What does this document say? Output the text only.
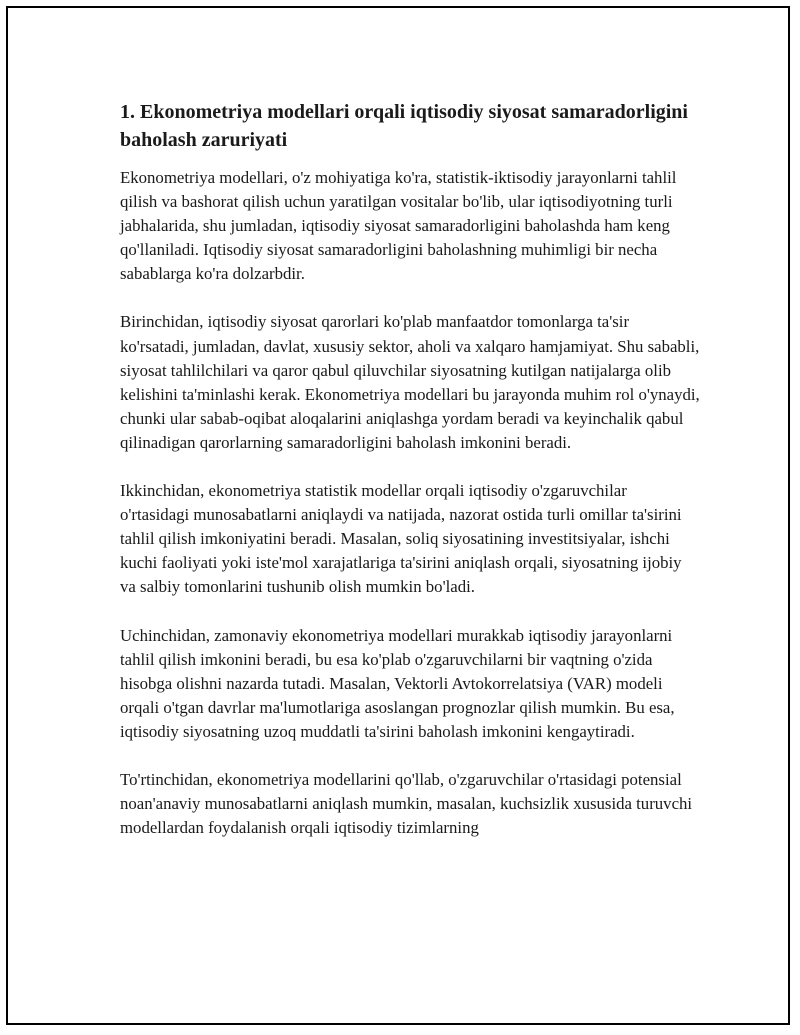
1. Ekonometriya modellari orqali iqtisodiy siyosat samaradorligini baholash zaruriyati

Ekonometriya modellari, o'z mohiyatiga ko'ra, statistik-iktisodiy jarayonlarni tahlil qilish va bashorat qilish uchun yaratilgan vositalar bo'lib, ular iqtisodiyotning turli jabhalarida, shu jumladan, iqtisodiy siyosat samaradorligini baholashda ham keng qo'llaniladi. Iqtisodiy siyosat samaradorligini baholashning muhimligi bir necha sabablarga ko'ra dolzarbdir.

Birinchidan, iqtisodiy siyosat qarorlari ko'plab manfaatdor tomonlarga ta'sir ko'rsatadi, jumladan, davlat, xususiy sektor, aholi va xalqaro hamjamiyat. Shu sababli, siyosat tahlilchilari va qaror qabul qiluvchilar siyosatning kutilgan natijalarga olib kelishini ta'minlashi kerak. Ekonometriya modellari bu jarayonda muhim rol o'ynaydi, chunki ular sabab-oqibat aloqalarini aniqlashga yordam beradi va keyinchalik qabul qilinadigan qarorlarning samaradorligini baholash imkonini beradi.

Ikkinchidan, ekonometriya statistik modellar orqali iqtisodiy o'zgaruvchilar o'rtasidagi munosabatlarni aniqlaydi va natijada, nazorat ostida turli omillar ta'sirini tahlil qilish imkoniyatini beradi. Masalan, soliq siyosatining investitsiyalar, ishchi kuchi faoliyati yoki iste'mol xarajatlariga ta'sirini aniqlash orqali, siyosatning ijobiy va salbiy tomonlarini tushunib olish mumkin bo'ladi.

Uchinchidan, zamonaviy ekonometriya modellari murakkab iqtisodiy jarayonlarni tahlil qilish imkonini beradi, bu esa ko'plab o'zgaruvchilarni bir vaqtning o'zida hisobga olishni nazarda tutadi. Masalan, Vektorli Avtokorrelatsiya (VAR) modeli orqali o'tgan davrlar ma'lumotlariga asoslangan prognozlar qilish mumkin. Bu esa, iqtisodiy siyosatning uzoq muddatli ta'sirini baholash imkonini kengaytiradi.

To'rtinchidan, ekonometriya modellarini qo'llab, o'zgaruvchilar o'rtasidagi potensial noan'anaviy munosabatlarni aniqlash mumkin, masalan, kuchsizlik xususida turuvchi modellardan foydalanish orqali iqtisodiy tizimlarning
